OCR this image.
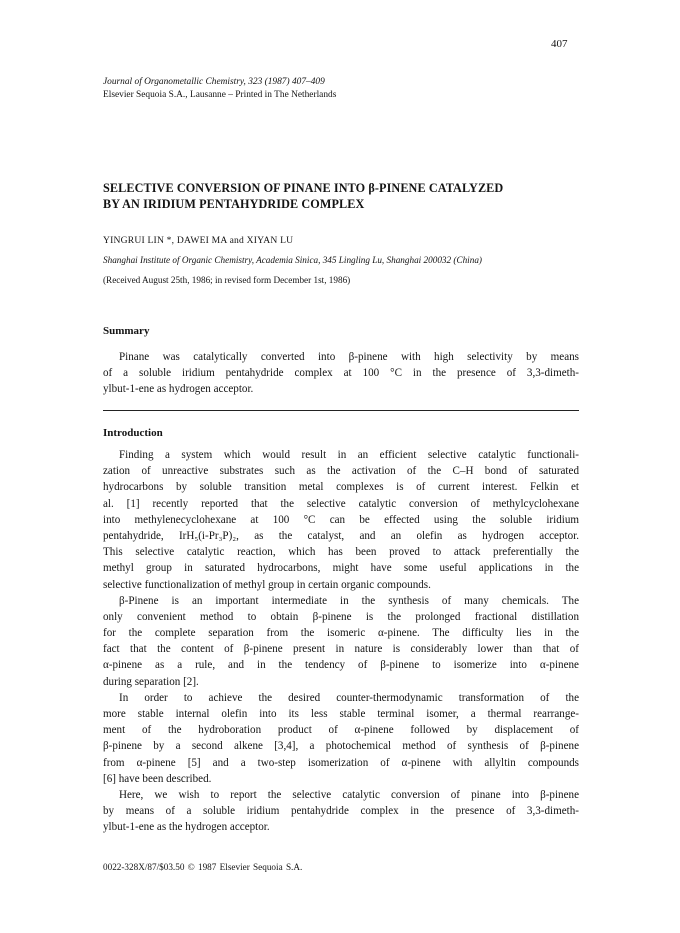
407
Journal of Organometallic Chemistry, 323 (1987) 407–409
Elsevier Sequoia S.A., Lausanne – Printed in The Netherlands
SELECTIVE CONVERSION OF PINANE INTO β-PINENE CATALYZED
BY AN IRIDIUM PENTAHYDRIDE COMPLEX
YINGRUI LIN *, DAWEI MA and XIYAN LU
Shanghai Institute of Organic Chemistry, Academia Sinica, 345 Lingling Lu, Shanghai 200032 (China)
(Received August 25th, 1986; in revised form December 1st, 1986)
Summary
Pinane was catalytically converted into β-pinene with high selectivity by means
of a soluble iridium pentahydride complex at 100 °C in the presence of 3,3-dimeth-
ylbut-1-ene as hydrogen acceptor.
Introduction
Finding a system which would result in an efficient selective catalytic functionali-
zation of unreactive substrates such as the activation of the C–H bond of saturated
hydrocarbons by soluble transition metal complexes is of current interest. Felkin et
al. [1] recently reported that the selective catalytic conversion of methylcyclohexane
into methylenecyclohexane at 100 °C can be effected using the soluble iridium
pentahydride, IrH₅(i-Pr₃P)₂, as the catalyst, and an olefin as hydrogen acceptor.
This selective catalytic reaction, which has been proved to attack preferentially the
methyl group in saturated hydrocarbons, might have some useful applications in the
selective functionalization of methyl group in certain organic compounds.
β-Pinene is an important intermediate in the synthesis of many chemicals. The
only convenient method to obtain β-pinene is the prolonged fractional distillation
for the complete separation from the isomeric α-pinene. The difficulty lies in the
fact that the content of β-pinene present in nature is considerably lower than that of
α-pinene as a rule, and in the tendency of β-pinene to isomerize into α-pinene
during separation [2].
In order to achieve the desired counter-thermodynamic transformation of the
more stable internal olefin into its less stable terminal isomer, a thermal rearrange-
ment of the hydroboration product of α-pinene followed by displacement of
β-pinene by a second alkene [3,4], a photochemical method of synthesis of β-pinene
from α-pinene [5] and a two-step isomerization of α-pinene with allyltin compounds
[6] have been described.
Here, we wish to report the selective catalytic conversion of pinane into β-pinene
by means of a soluble iridium pentahydride complex in the presence of 3,3-dimeth-
ylbut-1-ene as the hydrogen acceptor.
0022-328X/87/$03.50 © 1987 Elsevier Sequoia S.A.
